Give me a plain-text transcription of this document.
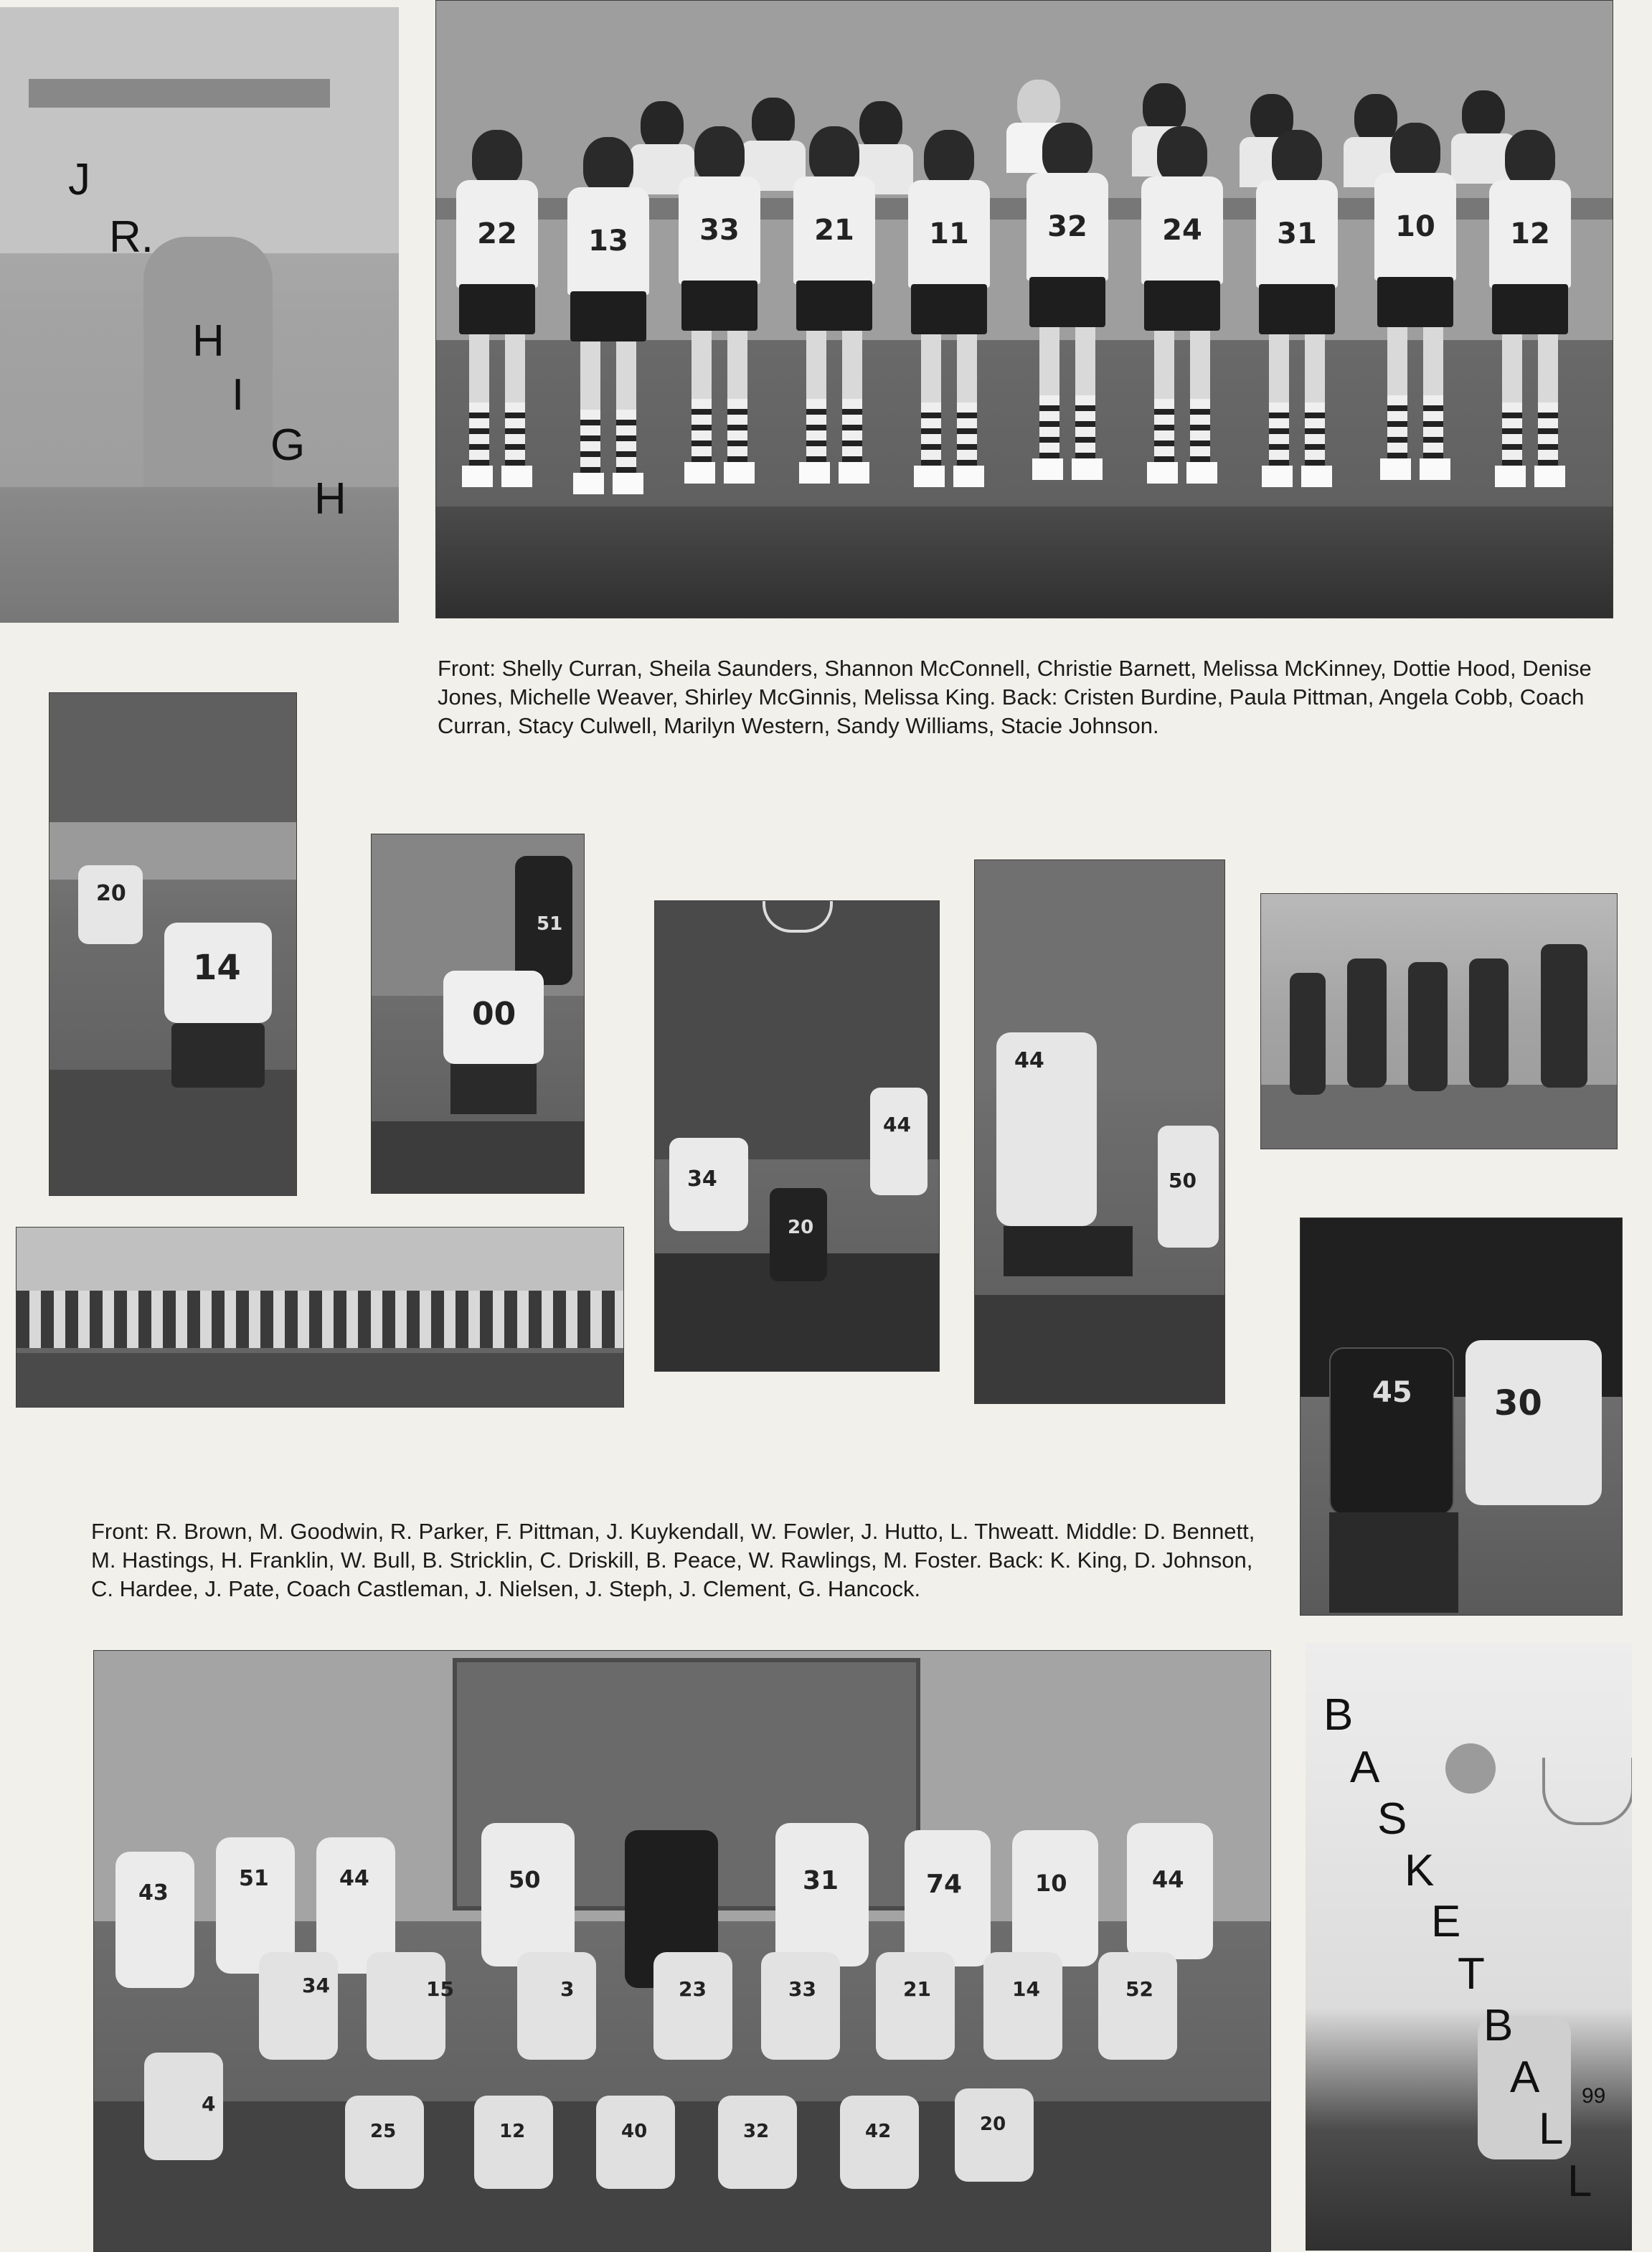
J
R.
H
I
G
H
22	13	33	21	11	32	24	31	10	12
Front: Shelly Curran, Sheila Saunders, Shannon McConnell, Christie Barnett, Melissa McKinney, Dottie Hood, Denise Jones, Michelle Weaver, Shirley McGinnis, Melissa King. Back: Cristen Burdine, Paula Pittman, Angela Cobb, Coach Curran, Stacy Culwell, Marilyn Western, Sandy Williams, Stacie Johnson.
20
14
51
00
34
20
44
44
50
45 30
Front: R. Brown, M. Goodwin, R. Parker, F. Pittman, J. Kuykendall, W. Fowler, J. Hutto, L. Thweatt. Middle: D. Bennett, M. Hastings, H. Franklin, W. Bull, B. Stricklin, C. Driskill, B. Peace, W. Rawlings, M. Foster. Back: K. King, D. Johnson, C. Hardee, J. Pate, Coach Castleman, J. Nielsen, J. Steph, J. Clement, G. Hancock.
43
51	44	50	31	74	10	44
34	15	3	23	33	21	14	52
4
25	12	40	32	42	20
B
A
S
K
E
T
B
A
L
L
99
